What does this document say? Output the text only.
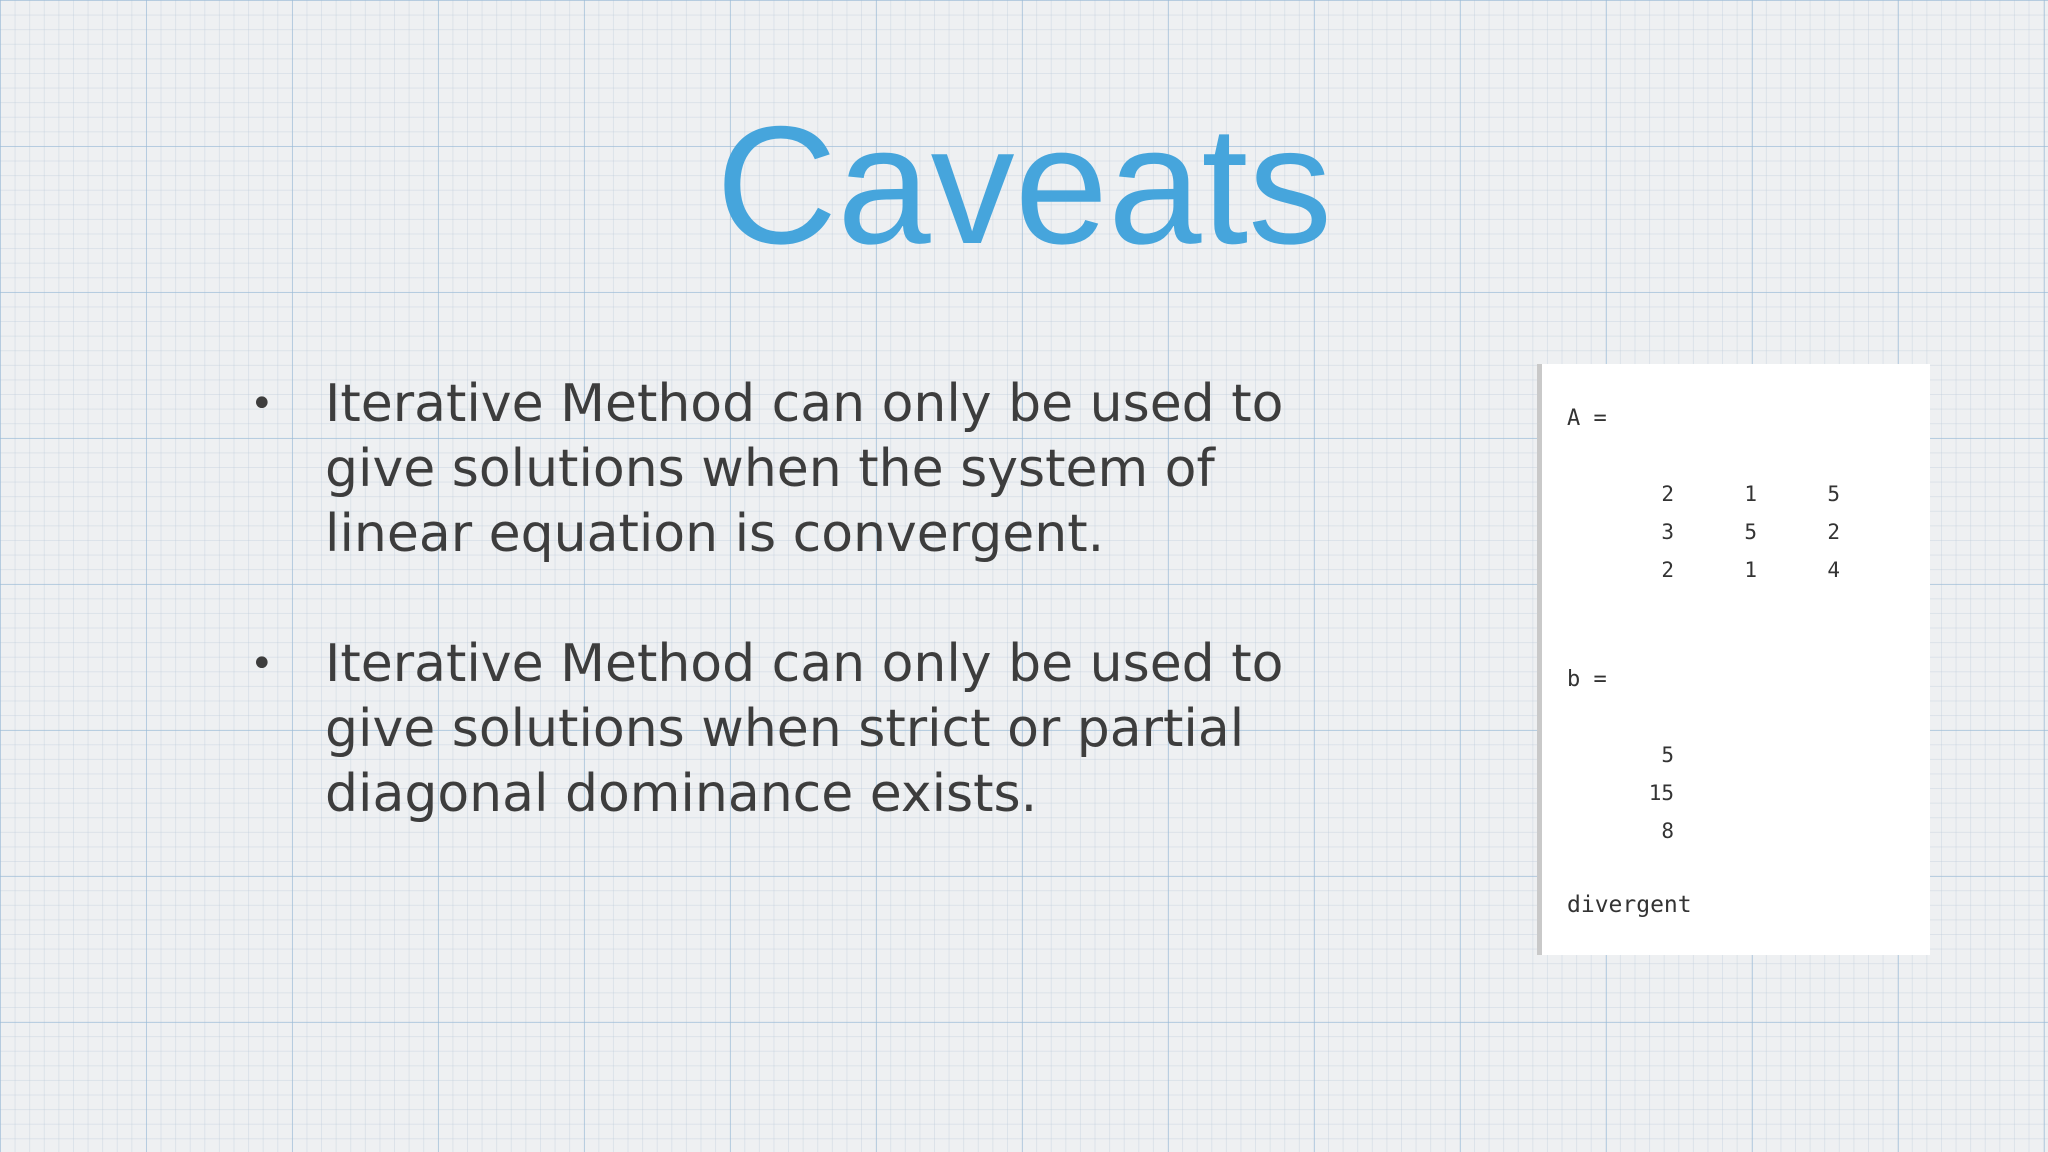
Caveats
• Iterative Method can only be used to
give solutions when the system of
linear equation is convergent.
• Iterative Method can only be used to
give solutions when strict or partial
diagonal dominance exists.
A =
2	1	5
3	5	2
2	1	4
b =
5
15
8
divergent
